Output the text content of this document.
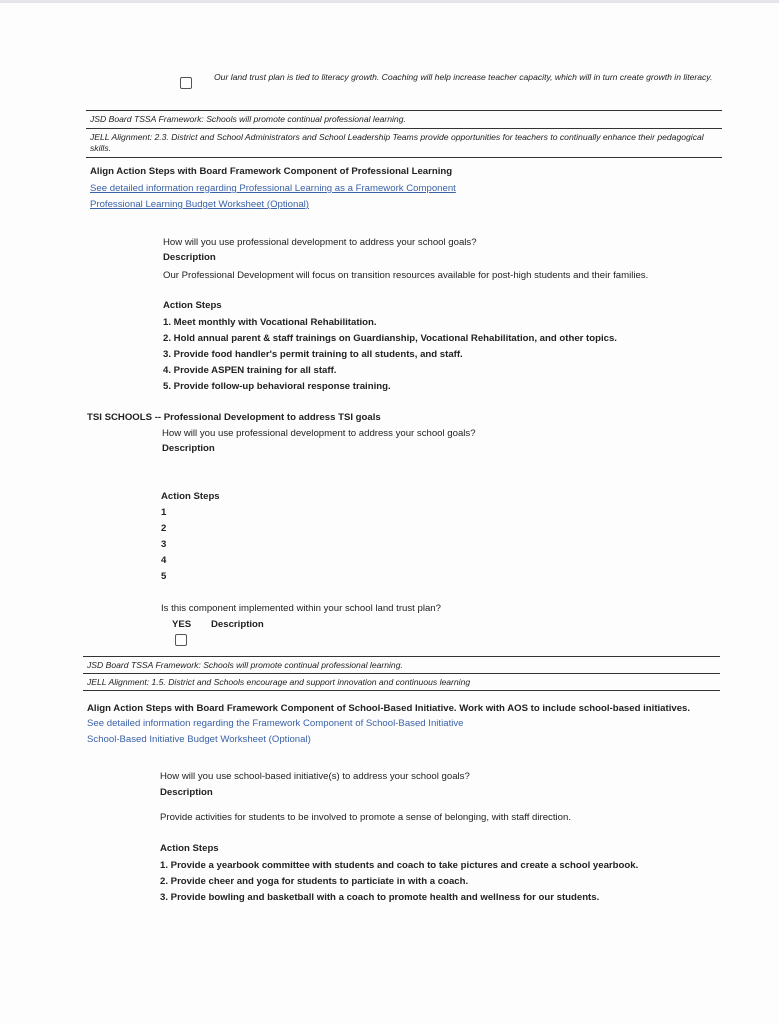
Our land trust plan is tied to literacy growth. Coaching will help increase teacher capacity, which will in turn create growth in literacy.
JSD Board TSSA Framework: Schools will promote continual professional learning.
JELL Alignment: 2.3. District and School Administrators and School Leadership Teams provide opportunities for teachers to continually enhance their pedagogical skills.
Align Action Steps with Board Framework Component of Professional Learning
See detailed information regarding Professional Learning as a Framework Component
Professional Learning Budget Worksheet (Optional)
How will you use professional development to address your school goals?
Description
Our Professional Development will focus on transition resources available for post-high students and their families.
Action Steps
1. Meet monthly with Vocational Rehabilitation.
2. Hold annual parent & staff trainings on Guardianship, Vocational Rehabilitation, and other topics.
3. Provide food handler's permit training to all students, and staff.
4. Provide ASPEN training for all staff.
5. Provide follow-up behavioral response training.
TSI SCHOOLS -- Professional Development to address TSI goals
How will you use professional development to address your school goals?
Description
Action Steps
1
2
3
4
5
Is this component implemented within your school land trust plan?
YES Description
JSD Board TSSA Framework: Schools will promote continual professional learning.
JELL Alignment: 1.5. District and Schools encourage and support innovation and continuous learning
Align Action Steps with Board Framework Component of School-Based Initiative. Work with AOS to include school-based initiatives.
See detailed information regarding the Framework Component of School-Based Initiative
School-Based Initiative Budget Worksheet (Optional)
How will you use school-based initiative(s) to address your school goals?
Description
Provide activities for students to be involved to promote a sense of belonging, with staff direction.
Action Steps
1. Provide a yearbook committee with students and coach to take pictures and create a school yearbook.
2. Provide cheer and yoga for students to particiate in with a coach.
3. Provide bowling and basketball with a coach to promote health and wellness for our students.
